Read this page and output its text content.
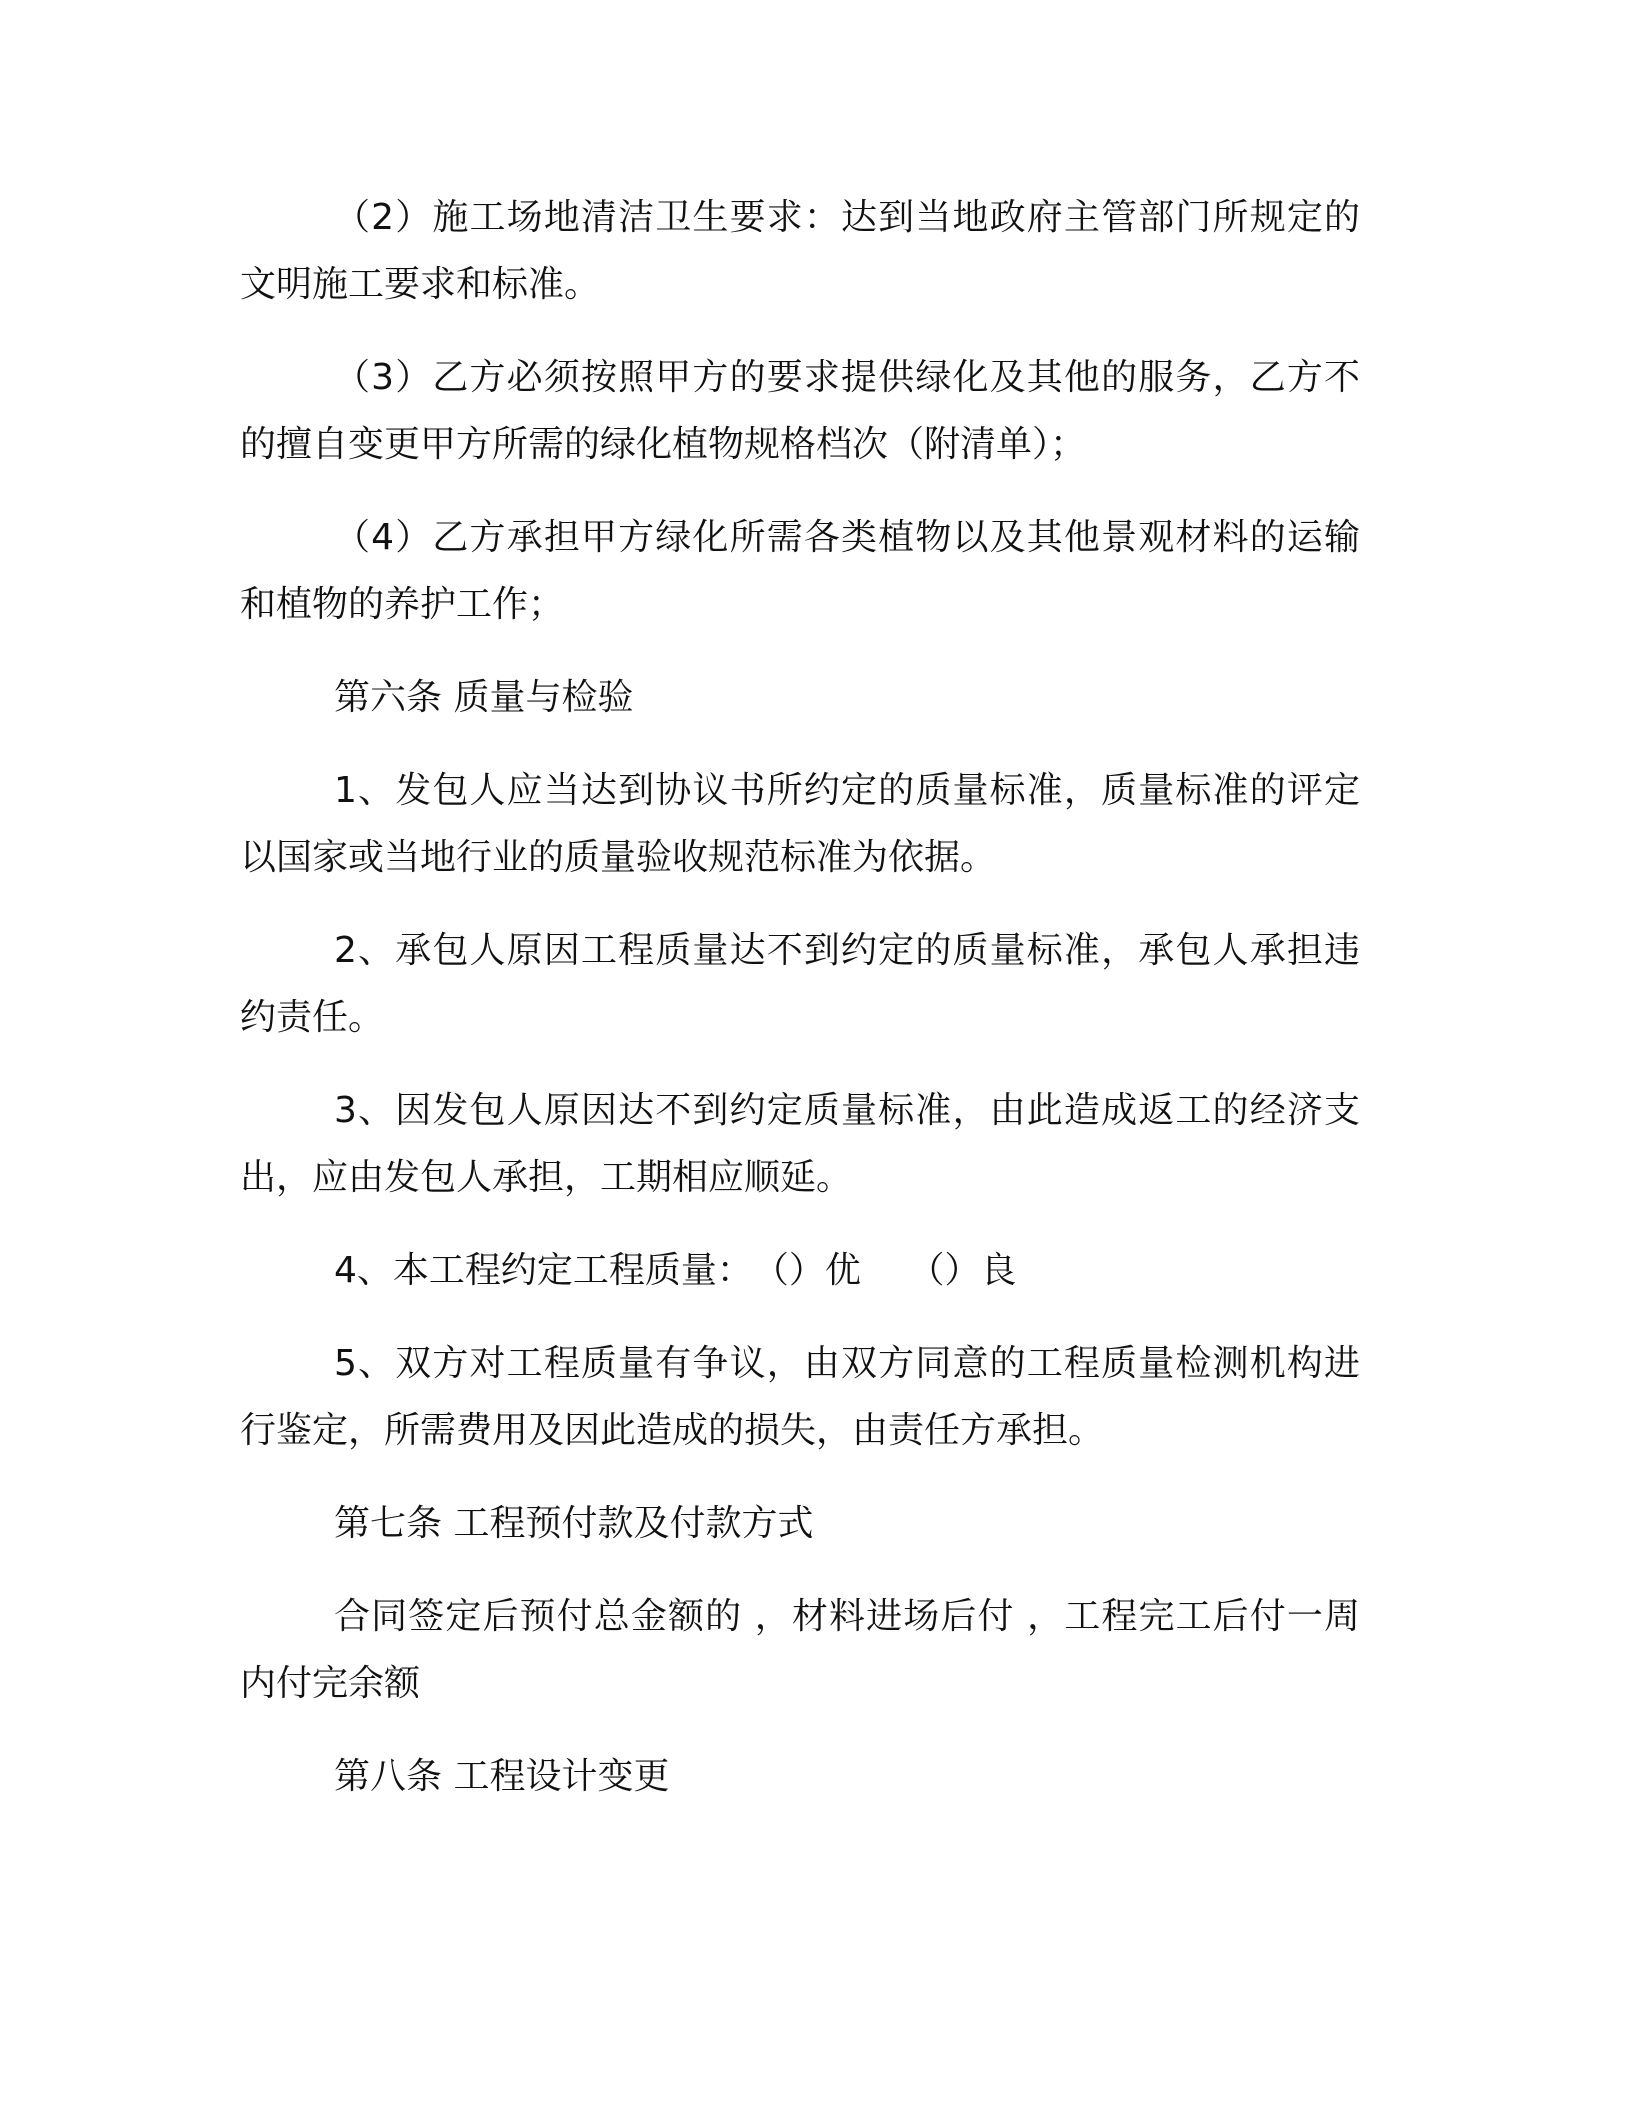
（2）施工场地清洁卫生要求：达到当地政府主管部门所规定的文明施工要求和标准。

（3）乙方必须按照甲方的要求提供绿化及其他的服务，乙方不的擅自变更甲方所需的绿化植物规格档次（附清单）；

（4）乙方承担甲方绿化所需各类植物以及其他景观材料的运输和植物的养护工作；

第六条 质量与检验

1、发包人应当达到协议书所约定的质量标准，质量标准的评定以国家或当地行业的质量验收规范标准为依据。

2、承包人原因工程质量达不到约定的质量标准，承包人承担违约责任。

3、因发包人原因达不到约定质量标准，由此造成返工的经济支出，应由发包人承担，工期相应顺延。

4、本工程约定工程质量：　（）优　 （）良

5、双方对工程质量有争议，由双方同意的工程质量检测机构进行鉴定，所需费用及因此造成的损失，由责任方承担。

第七条 工程预付款及付款方式

合同签定后预付总金额的 ，材料进场后付 ，工程完工后付一周内付完余额

第八条 工程设计变更
